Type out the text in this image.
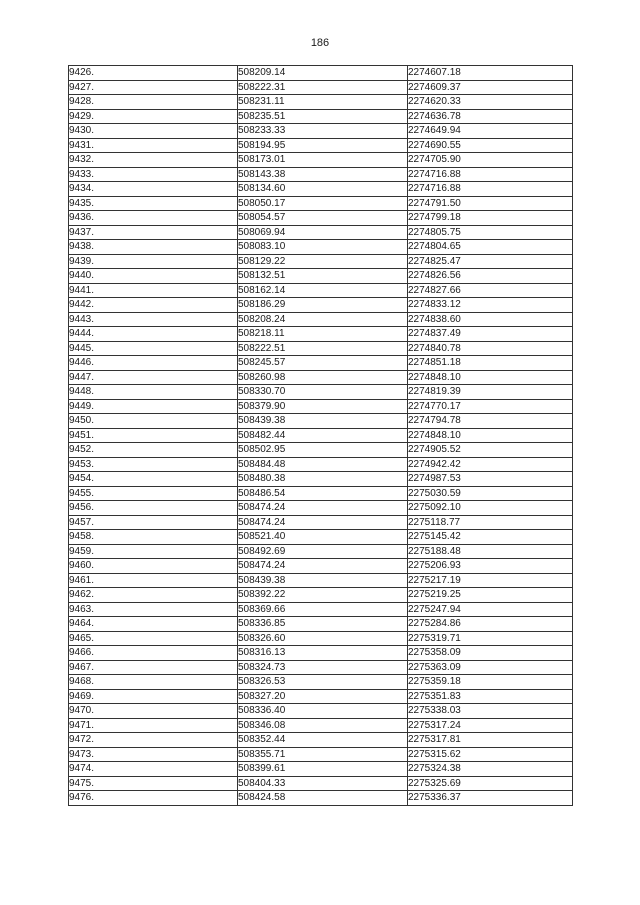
186
9426.	508209.14	2274607.18
9427.	508222.31	2274609.37
9428.	508231.11	2274620.33
9429.	508235.51	2274636.78
9430.	508233.33	2274649.94
9431.	508194.95	2274690.55
9432.	508173.01	2274705.90
9433.	508143.38	2274716.88
9434.	508134.60	2274716.88
9435.	508050.17	2274791.50
9436.	508054.57	2274799.18
9437.	508069.94	2274805.75
9438.	508083.10	2274804.65
9439.	508129.22	2274825.47
9440.	508132.51	2274826.56
9441.	508162.14	2274827.66
9442.	508186.29	2274833.12
9443.	508208.24	2274838.60
9444.	508218.11	2274837.49
9445.	508222.51	2274840.78
9446.	508245.57	2274851.18
9447.	508260.98	2274848.10
9448.	508330.70	2274819.39
9449.	508379.90	2274770.17
9450.	508439.38	2274794.78
9451.	508482.44	2274848.10
9452.	508502.95	2274905.52
9453.	508484.48	2274942.42
9454.	508480.38	2274987.53
9455.	508486.54	2275030.59
9456.	508474.24	2275092.10
9457.	508474.24	2275118.77
9458.	508521.40	2275145.42
9459.	508492.69	2275188.48
9460.	508474.24	2275206.93
9461.	508439.38	2275217.19
9462.	508392.22	2275219.25
9463.	508369.66	2275247.94
9464.	508336.85	2275284.86
9465.	508326.60	2275319.71
9466.	508316.13	2275358.09
9467.	508324.73	2275363.09
9468.	508326.53	2275359.18
9469.	508327.20	2275351.83
9470.	508336.40	2275338.03
9471.	508346.08	2275317.24
9472.	508352.44	2275317.81
9473.	508355.71	2275315.62
9474.	508399.61	2275324.38
9475.	508404.33	2275325.69
9476.	508424.58	2275336.37
